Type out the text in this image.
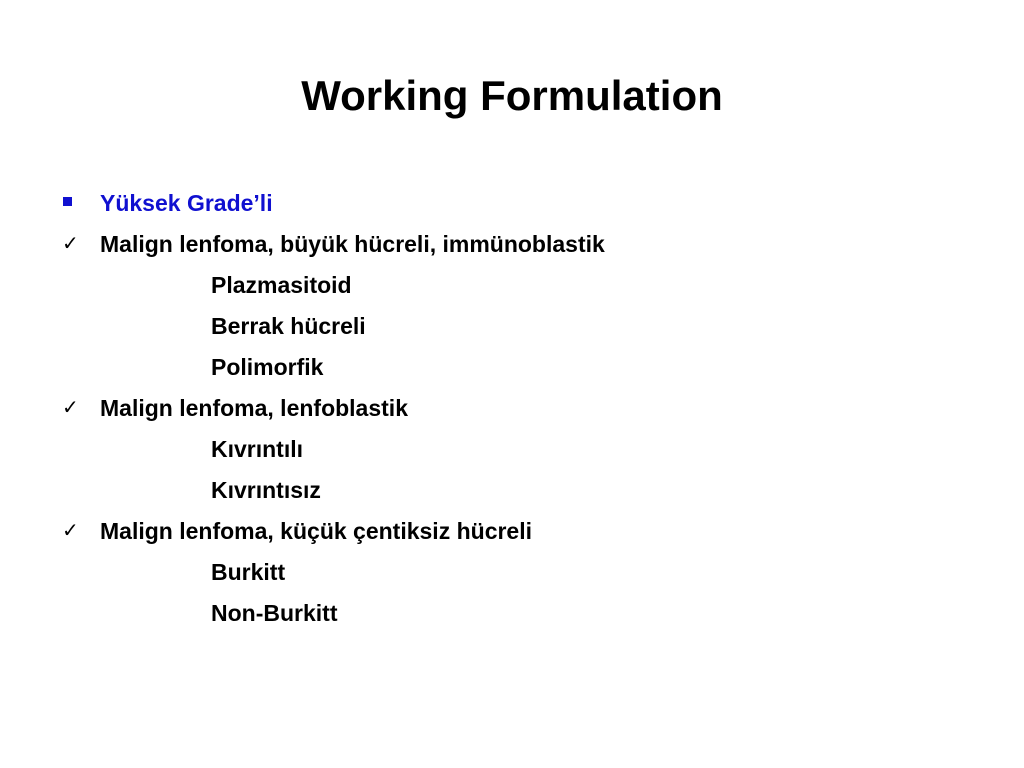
Working Formulation
Yüksek Grade’li
✓ Malign lenfoma, büyük hücreli, immünoblastik
Plazmasitoid
Berrak hücreli
Polimorfik
✓ Malign lenfoma, lenfoblastik
Kıvrıntılı
Kıvrıntısız
✓ Malign lenfoma, küçük çentiksiz hücreli
Burkitt
Non-Burkitt
